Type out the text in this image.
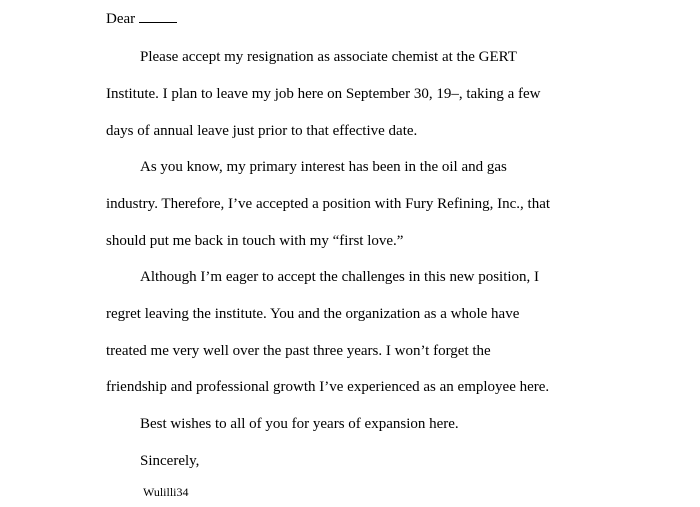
Dear
Please accept my resignation as associate chemist at the GERT
Institute. I plan to leave my job here on September 30, 19–, taking a few
days of annual leave just prior to that effective date.
As you know, my primary interest has been in the oil and gas
industry. Therefore, I’ve accepted a position with Fury Refining, Inc., that
should put me back in touch with my “first love.”
Although I’m eager to accept the challenges in this new position, I
regret leaving the institute. You and the organization as a whole have
treated me very well over the past three years. I won’t forget the
friendship and professional growth I’ve experienced as an employee here.
Best wishes to all of you for years of expansion here.
Sincerely,
Wulilli34
